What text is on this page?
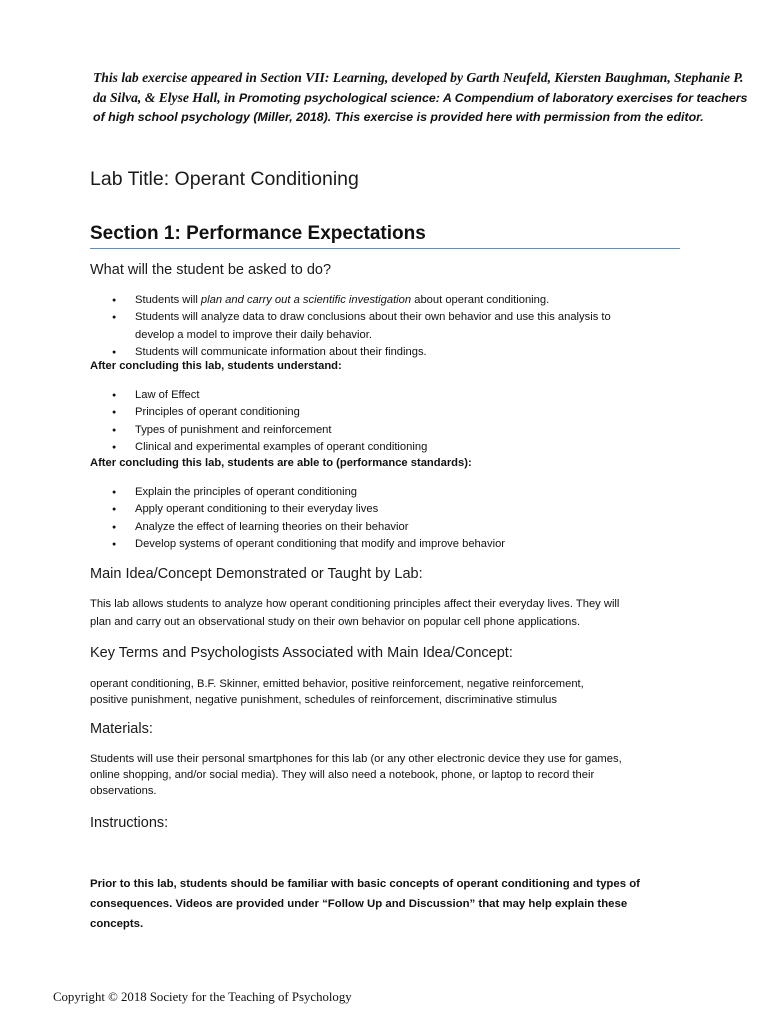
This lab exercise appeared in Section VII: Learning, developed by Garth Neufeld, Kiersten Baughman, Stephanie P. da Silva, & Elyse Hall, in Promoting psychological science: A Compendium of laboratory exercises for teachers of high school psychology (Miller, 2018). This exercise is provided here with permission from the editor.
Lab Title: Operant Conditioning
Section 1: Performance Expectations
What will the student be asked to do?
● Students will plan and carry out a scientific investigation about operant conditioning.
● Students will analyze data to draw conclusions about their own behavior and use this analysis to
develop a model to improve their daily behavior.
● Students will communicate information about their findings.
After concluding this lab, students understand:
● Law of Effect
● Principles of operant conditioning
● Types of punishment and reinforcement
● Clinical and experimental examples of operant conditioning
After concluding this lab, students are able to (performance standards):
● Explain the principles of operant conditioning
● Apply operant conditioning to their everyday lives
● Analyze the effect of learning theories on their behavior
● Develop systems of operant conditioning that modify and improve behavior
Main Idea/Concept Demonstrated or Taught by Lab:
This lab allows students to analyze how operant conditioning principles affect their everyday lives. They will
plan and carry out an observational study on their own behavior on popular cell phone applications.
Key Terms and Psychologists Associated with Main Idea/Concept:
operant conditioning, B.F. Skinner, emitted behavior, positive reinforcement, negative reinforcement,
positive punishment, negative punishment, schedules of reinforcement, discriminative stimulus
Materials:
Students will use their personal smartphones for this lab (or any other electronic device they use for games,
online shopping, and/or social media). They will also need a notebook, phone, or laptop to record their
observations.
Instructions:
Prior to this lab, students should be familiar with basic concepts of operant conditioning and types of
consequences. Videos are provided under “Follow Up and Discussion” that may help explain these
concepts.
Copyright © 2018 Society for the Teaching of Psychology
